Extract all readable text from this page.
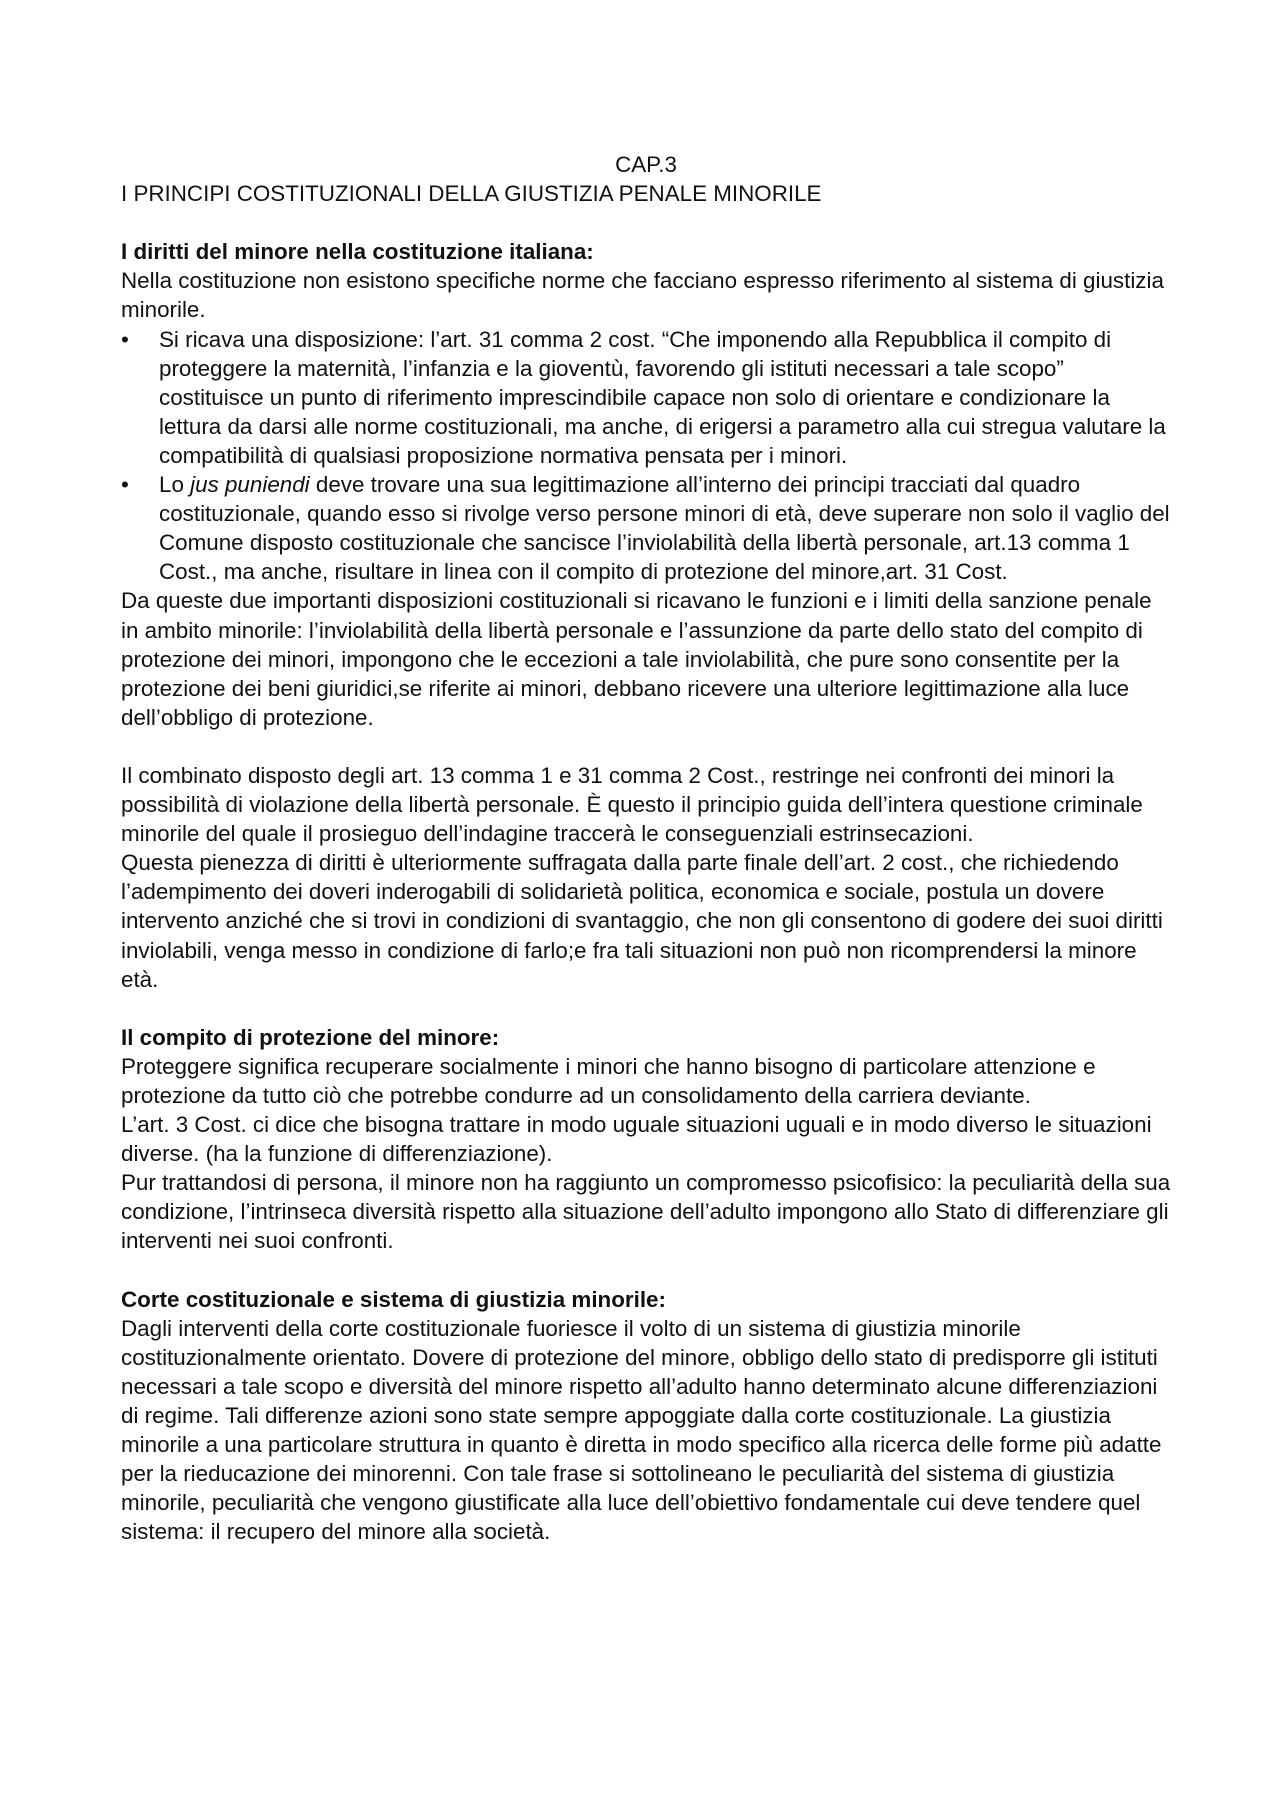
CAP.3
I PRINCIPI COSTITUZIONALI DELLA GIUSTIZIA PENALE MINORILE
I diritti del minore nella costituzione italiana:

Nella costituzione non esistono specifiche norme che facciano espresso riferimento al sistema di giustizia minorile.

• Si ricava una disposizione: l’art. 31 comma 2 cost. “Che imponendo alla Repubblica il compito di proteggere la maternità, l’infanzia e la gioventù, favorendo gli istituti necessari a tale scopo” costituisce un punto di riferimento imprescindibile capace non solo di orientare e condizionare la lettura da darsi alle norme costituzionali, ma anche, di erigersi a parametro alla cui stregua valutare la compatibilità di qualsiasi proposizione normativa pensata per i minori.
• Lo jus puniendi deve trovare una sua legittimazione all’interno dei principi tracciati dal quadro costituzionale, quando esso si rivolge verso persone minori di età, deve superare non solo il vaglio del Comune disposto costituzionale che sancisce l’inviolabilità della libertà personale, art.13 comma 1 Cost., ma anche, risultare in linea con il compito di protezione del minore,art. 31 Cost.

Da queste due importanti disposizioni costituzionali si ricavano le funzioni e i limiti della sanzione penale in ambito minorile: l’inviolabilità della libertà personale e l’assunzione da parte dello stato del compito di protezione dei minori, impongono che le eccezioni a tale inviolabilità, che pure sono consentite per la protezione dei beni giuridici,se riferite ai minori, debbano ricevere una ulteriore legittimazione alla luce dell’obbligo di protezione.

Il combinato disposto degli art. 13 comma 1 e 31 comma 2 Cost., restringe nei confronti dei minori la possibilità di violazione della libertà personale. È questo il principio guida dell’intera questione criminale minorile del quale il prosieguo dell’indagine traccerà le conseguenziali estrinsecazioni.

Questa pienezza di diritti è ulteriormente suffragata dalla parte finale dell’art. 2 cost., che richiedendo l’adempimento dei doveri inderogabili di solidarietà politica, economica e sociale, postula un dovere intervento anziché che si trovi in condizioni di svantaggio, che non gli consentono di godere dei suoi diritti inviolabili, venga messo in condizione di farlo;e fra tali situazioni non può non ricomprendersi la minore età.

Il compito di protezione del minore:

Proteggere significa recuperare socialmente i minori che hanno bisogno di particolare attenzione e protezione da tutto ciò che potrebbe condurre ad un consolidamento della carriera deviante.

L’art. 3 Cost. ci dice che bisogna trattare in modo uguale situazioni uguali e in modo diverso le situazioni diverse. (ha la funzione di differenziazione).

Pur trattandosi di persona, il minore non ha raggiunto un compromesso psicofisico: la peculiarità della sua condizione, l’intrinseca diversità rispetto alla situazione dell’adulto impongono allo Stato di differenziare gli interventi nei suoi confronti.

Corte costituzionale e sistema di giustizia minorile:

Dagli interventi della corte costituzionale fuoriesce il volto di un sistema di giustizia minorile costituzionalmente orientato. Dovere di protezione del minore, obbligo dello stato di predisporre gli istituti necessari a tale scopo e diversità del minore rispetto all’adulto hanno determinato alcune differenziazioni di regime. Tali differenze azioni sono state sempre appoggiate dalla corte costituzionale. La giustizia minorile a una particolare struttura in quanto è diretta in modo specifico alla ricerca delle forme più adatte per la rieducazione dei minorenni. Con tale frase si sottolineano le peculiarità del sistema di giustizia minorile, peculiarità che vengono giustificate alla luce dell’obiettivo fondamentale cui deve tendere quel sistema: il recupero del minore alla società.
